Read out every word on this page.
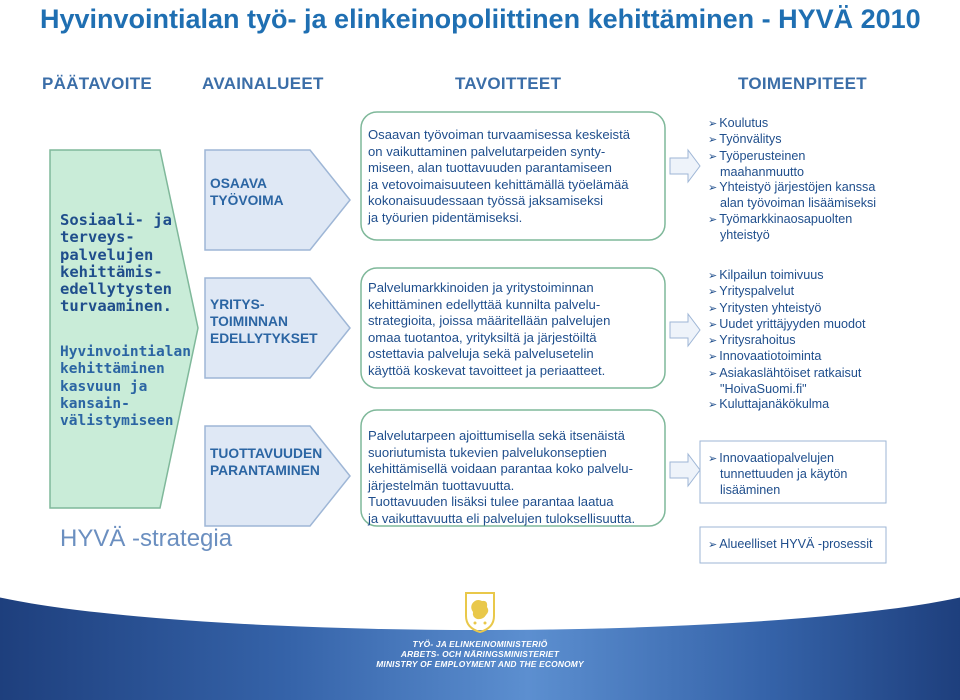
Hyvinvointialan työ- ja elinkeinopoliittinen kehittäminen - HYVÄ 2010
PÄÄTAVOITE	AVAINALUEET	TAVOITTEET	TOIMENPITEET
Sosiaali- ja
terveys-
palvelujen
kehittämis-
edellytysten
turvaaminen.
Hyvinvointialan
kehittäminen
kasvuun ja
kansain-
välistymiseen
HYVÄ -strategia
OSAAVA
TYÖVOIMA
YRITYS-
TOIMINNAN
EDELLYTYKSET
TUOTTAVUUDEN
PARANTAMINEN
Osaavan työvoiman turvaamisessa keskeistä
on vaikuttaminen palvelutarpeiden synty-
miseen, alan tuottavuuden parantamiseen
ja vetovoimaisuuteen kehittämällä työelämää
kokonaisuudessaan työssä jaksamiseksi
ja työurien pidentämiseksi.
Palvelumarkkinoiden ja yritystoiminnan
kehittäminen edellyttää kunnilta palvelu-
strategioita, joissa määritellään palvelujen
omaa tuotantoa, yrityksiltä ja järjestöiltä
ostettavia palveluja sekä palvelusetelin
käyttöä koskevat tavoitteet ja periaatteet.
Palvelutarpeen ajoittumisella sekä itsenäistä
suoriutumista tukevien palvelukonseptien
kehittämisellä voidaan parantaa koko palvelu-
järjestelmän tuottavuutta.
Tuottavuuden lisäksi tulee parantaa laatua
ja vaikuttavuutta eli palvelujen tuloksellisuutta.
➢ Koulutus
➢ Työnvälitys
➢ Työperusteinen
maahanmuutto
➢ Yhteistyö järjestöjen kanssa
alan työvoiman lisäämiseksi
➢ Työmarkkinaosapuolten
yhteistyö
➢ Kilpailun toimivuus
➢ Yrityspalvelut
➢ Yritysten yhteistyö
➢ Uudet yrittäjyyden muodot
➢ Yritysrahoitus
➢ Innovaatiotoiminta
➢ Asiakaslähtöiset ratkaisut
"HoivaSuomi.fi"
➢ Kuluttajanäkökulma
➢ Innovaatiopalvelujen
tunnettuuden ja käytön
lisääminen
➢ Alueelliset HYVÄ -prosessit
TYÖ- JA ELINKEINOMINISTERIÖ
ARBETS- OCH NÄRINGSMINISTERIET
MINISTRY OF EMPLOYMENT AND THE ECONOMY
